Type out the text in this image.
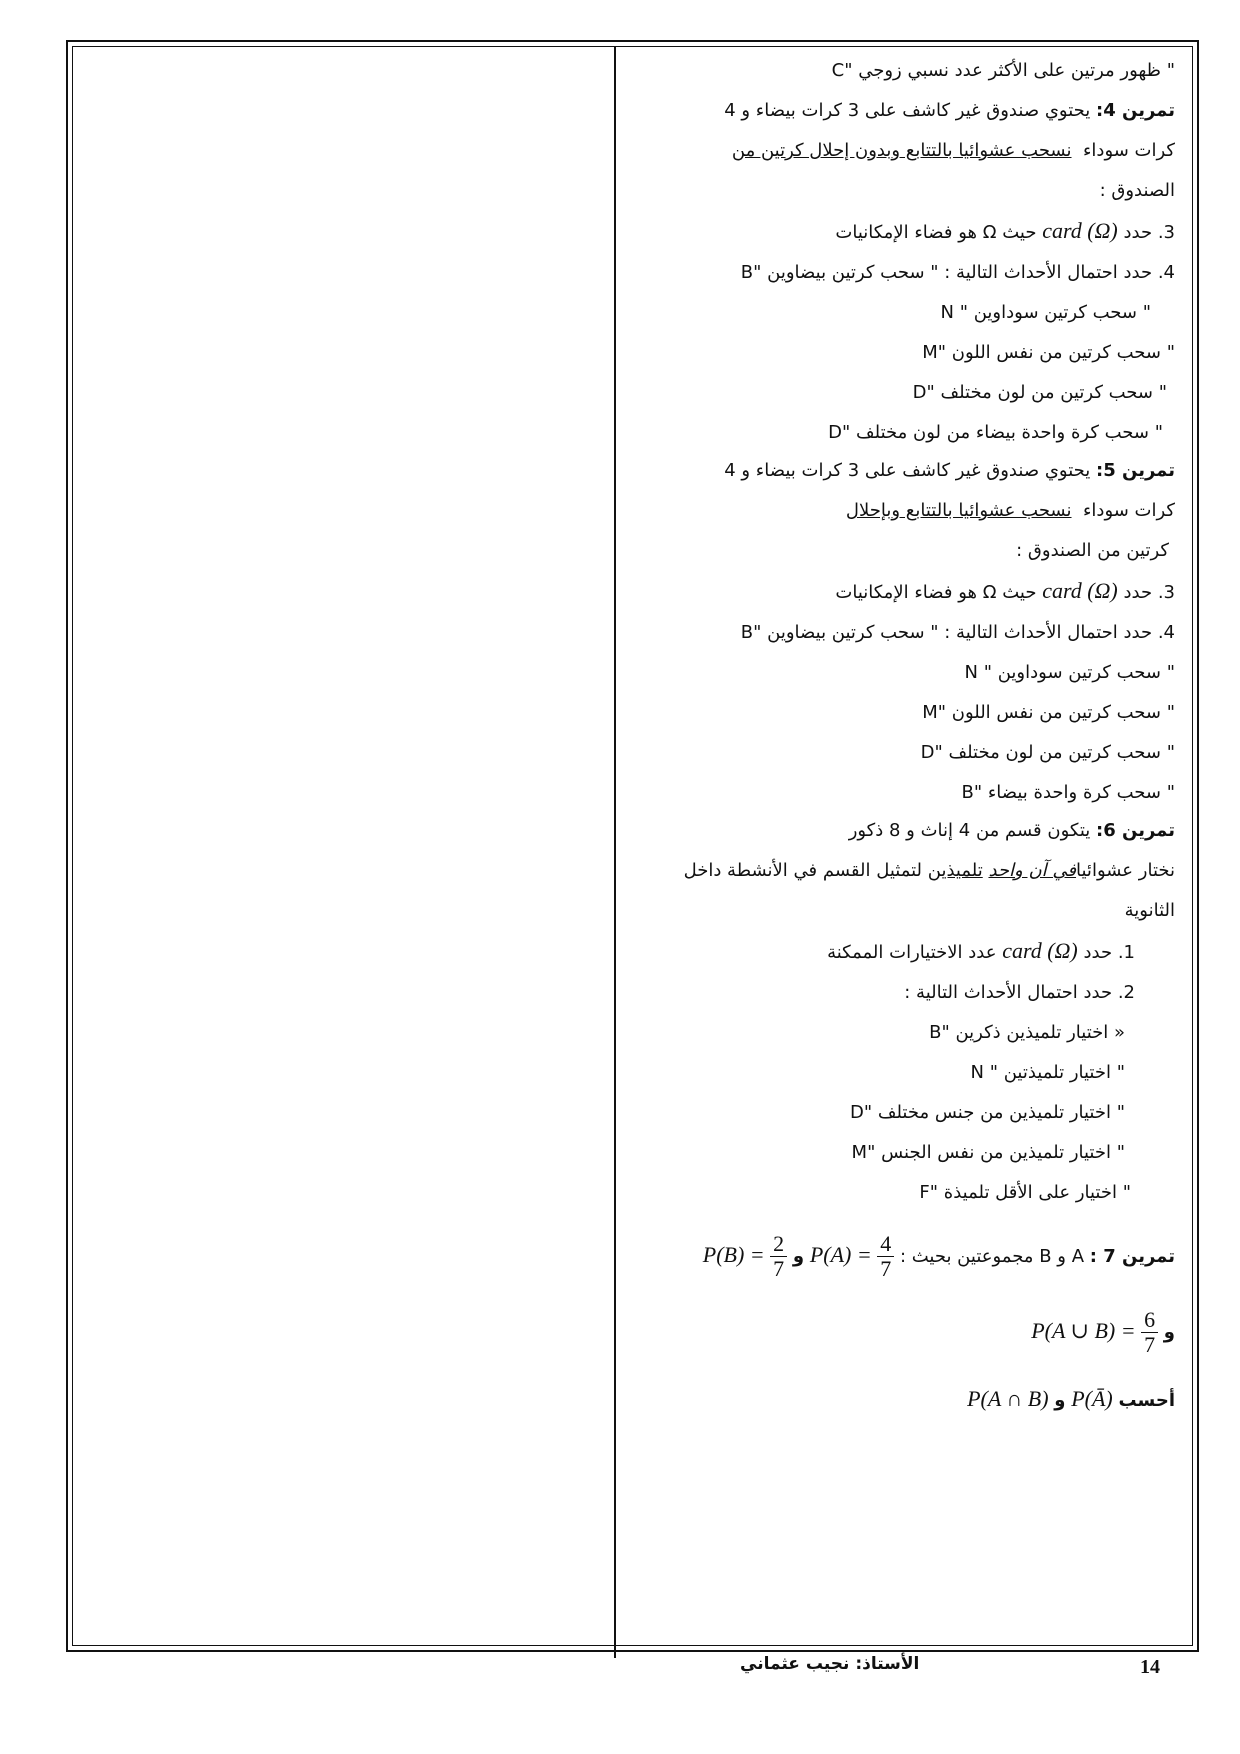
" ظهور مرتين على الأكثر عدد نسبي زوجي "C
تمرين 4: يحتوي صندوق غير كاشف على 3 كرات بيضاء و 4
كرات سوداء  نسحب عشوائيا بالتتابع وبدون إحلال كرتين من
الصندوق :
3. حدد card (Ω) حيث Ω هو فضاء الإمكانيات
4. حدد احتمال الأحداث التالية : " سحب كرتين بيضاوين "B
" سحب كرتين سوداوين " N
" سحب كرتين من نفس اللون "M
" سحب كرتين من لون مختلف "D
" سحب كرة واحدة بيضاء من لون مختلف "D
تمرين 5: يحتوي صندوق غير كاشف على 3 كرات بيضاء و 4
كرات سوداء  نسحب عشوائيا بالتتابع وبإحلال
كرتين من الصندوق :
3. حدد card (Ω) حيث Ω هو فضاء الإمكانيات
4. حدد احتمال الأحداث التالية : " سحب كرتين بيضاوين "B
" سحب كرتين سوداوين " N
" سحب كرتين من نفس اللون "M
" سحب كرتين من لون مختلف "D
" سحب كرة واحدة بيضاء "B
تمرين 6: يتكون قسم من 4 إناث و 8 ذكور
نختار عشوائيافي آن واحد تلميذين لتمثيل القسم في الأنشطة داخل
الثانوية
1. حدد card (Ω) عدد الاختيارات الممكنة
2. حدد احتمال الأحداث التالية :
« اختيار تلميذين ذكرين "B
" اختيار تلميذتين " N
" اختيار تلميذين من جنس مختلف "D
" اختيار تلميذين من نفس الجنس "M
" اختيار على الأقل تلميذة "F
تمرين 7 : A و B مجموعتين بحيث : $P(A) = \frac{4}{7}$
و $P(B) = \frac{2}{7}$
و P(A ∪ $B) = \frac{6}{7}$
أحسب P(Ā) و P(A ∩ B)
الأستاذ: نجيب عثماني	14
